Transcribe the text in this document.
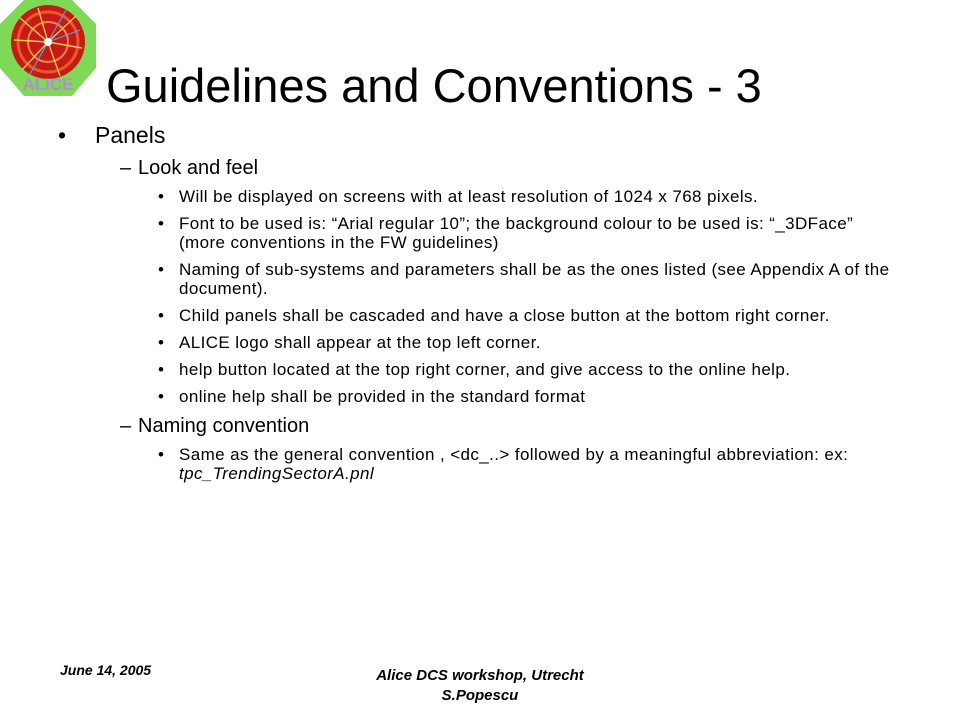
ALICE Guidelines and Conventions - 3
•	Panels
– Look and feel
• Will be displayed on screens with at least resolution of 1024 x 768 pixels.
• Font to be used is: “Arial regular 10”; the background colour to be used is: “_3DFace” (more conventions in the FW guidelines)
• Naming of sub-systems and parameters shall be as the ones listed (see Appendix A of the document).
• Child panels shall be cascaded and have a close button at the bottom right corner.
• ALICE logo shall appear at the top left corner.
• help button located at the top right corner, and give access to the online help.
• online help shall be provided in the standard format
– Naming convention
• Same as the general convention , <dc_..> followed by a meaningful abbreviation: ex: tpc_TrendingSectorA.pnl
June 14, 2005	Alice DCS workshop, Utrecht
S.Popescu
